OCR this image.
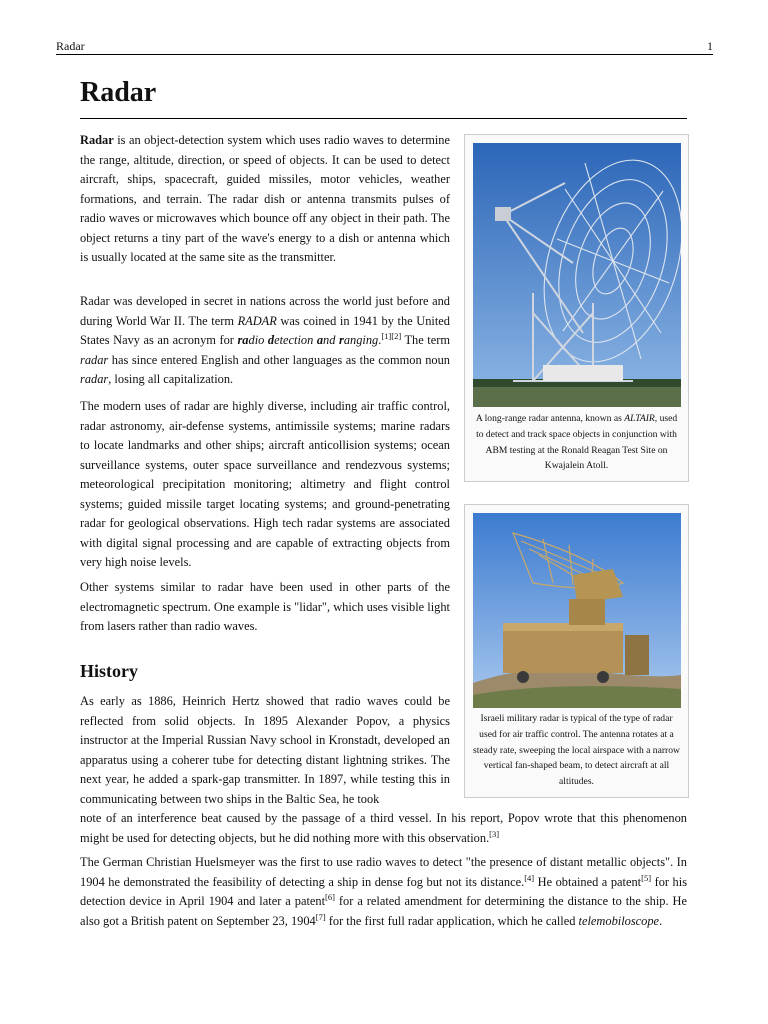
Radar	1
Radar

Radar is an object-detection system which uses radio waves to determine the range, altitude, direction, or speed of objects. It can be used to detect aircraft, ships, spacecraft, guided missiles, motor vehicles, weather formations, and terrain. The radar dish or antenna transmits pulses of radio waves or microwaves which bounce off any object in their path. The object returns a tiny part of the wave's energy to a dish or antenna which is usually located at the same site as the transmitter.

Radar was developed in secret in nations across the world just before and during World War II. The term RADAR was coined in 1941 by the United States Navy as an acronym for radio detection and ranging.[1][2] The term radar has since entered English and other languages as the common noun radar, losing all capitalization.

The modern uses of radar are highly diverse, including air traffic control, radar astronomy, air-defense systems, antimissile systems; marine radars to locate landmarks and other ships; aircraft anticollision systems; ocean surveillance systems, outer space surveillance and rendezvous systems; meteorological precipitation monitoring; altimetry and flight control systems; guided missile target locating systems; and ground-penetrating radar for geological observations. High tech radar systems are associated with digital signal processing and are capable of extracting objects from very high noise levels.

Other systems similar to radar have been used in other parts of the electromagnetic spectrum. One example is "lidar", which uses visible light from lasers rather than radio waves.

A long-range radar antenna, known as ALTAIR, used to detect and track space objects in conjunction with ABM testing at the Ronald Reagan Test Site on Kwajalein Atoll.
Israeli military radar is typical of the type of radar used for air traffic control. The antenna rotates at a steady rate, sweeping the local airspace with a narrow vertical fan-shaped beam, to detect aircraft at all altitudes.
History

As early as 1886, Heinrich Hertz showed that radio waves could be reflected from solid objects. In 1895 Alexander Popov, a physics instructor at the Imperial Russian Navy school in Kronstadt, developed an apparatus using a coherer tube for detecting distant lightning strikes. The next year, he added a spark-gap transmitter. In 1897, while testing this in communicating between two ships in the Baltic Sea, he took

note of an interference beat caused by the passage of a third vessel. In his report, Popov wrote that this phenomenon might be used for detecting objects, but he did nothing more with this observation.[3]

The German Christian Huelsmeyer was the first to use radio waves to detect "the presence of distant metallic objects". In 1904 he demonstrated the feasibility of detecting a ship in dense fog but not its distance.[4] He obtained a patent[5] for his detection device in April 1904 and later a patent[6] for a related amendment for determining the distance to the ship. He also got a British patent on September 23, 1904[7] for the first full radar application, which he called telemobiloscope.
